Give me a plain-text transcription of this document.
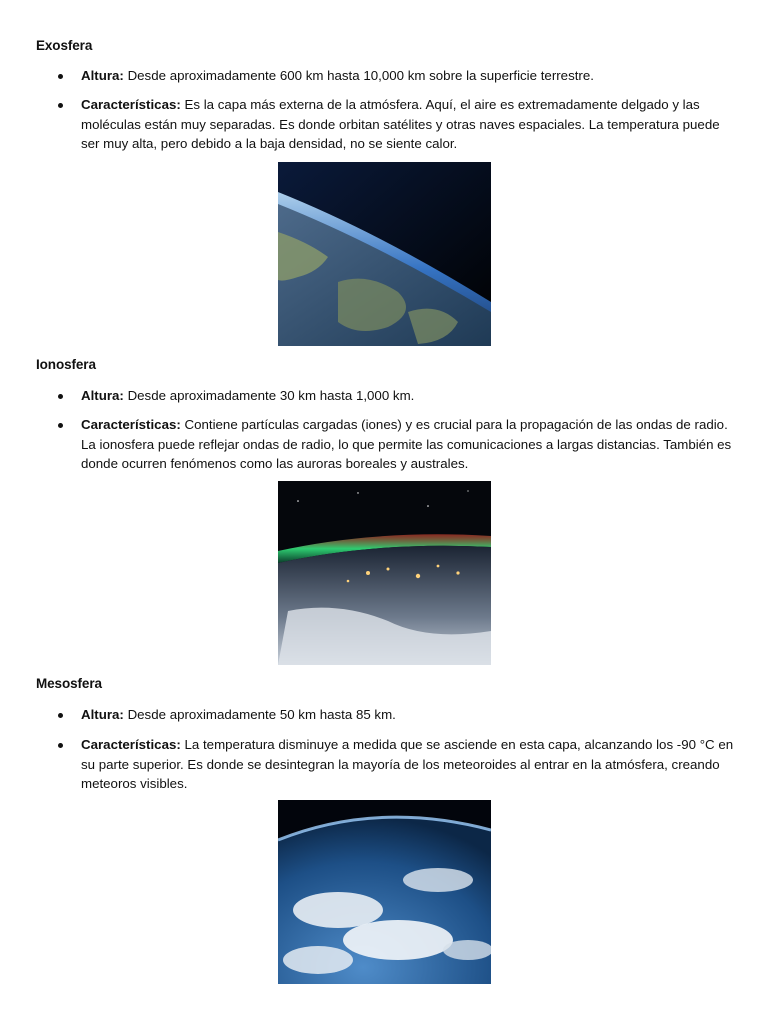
Exosfera
Altura: Desde aproximadamente 600 km hasta 10,000 km sobre la superficie terrestre.
Características: Es la capa más externa de la atmósfera. Aquí, el aire es extremadamente delgado y las moléculas están muy separadas. Es donde orbitan satélites y otras naves espaciales. La temperatura puede ser muy alta, pero debido a la baja densidad, no se siente calor.
Ionosfera
Altura: Desde aproximadamente 30 km hasta 1,000 km.
Características: Contiene partículas cargadas (iones) y es crucial para la propagación de las ondas de radio. La ionosfera puede reflejar ondas de radio, lo que permite las comunicaciones a largas distancias. También es donde ocurren fenómenos como las auroras boreales y australes.
Mesosfera
Altura: Desde aproximadamente 50 km hasta 85 km.
Características: La temperatura disminuye a medida que se asciende en esta capa, alcanzando los -90 °C en su parte superior. Es donde se desintegran la mayoría de los meteoroides al entrar en la atmósfera, creando meteoros visibles.
